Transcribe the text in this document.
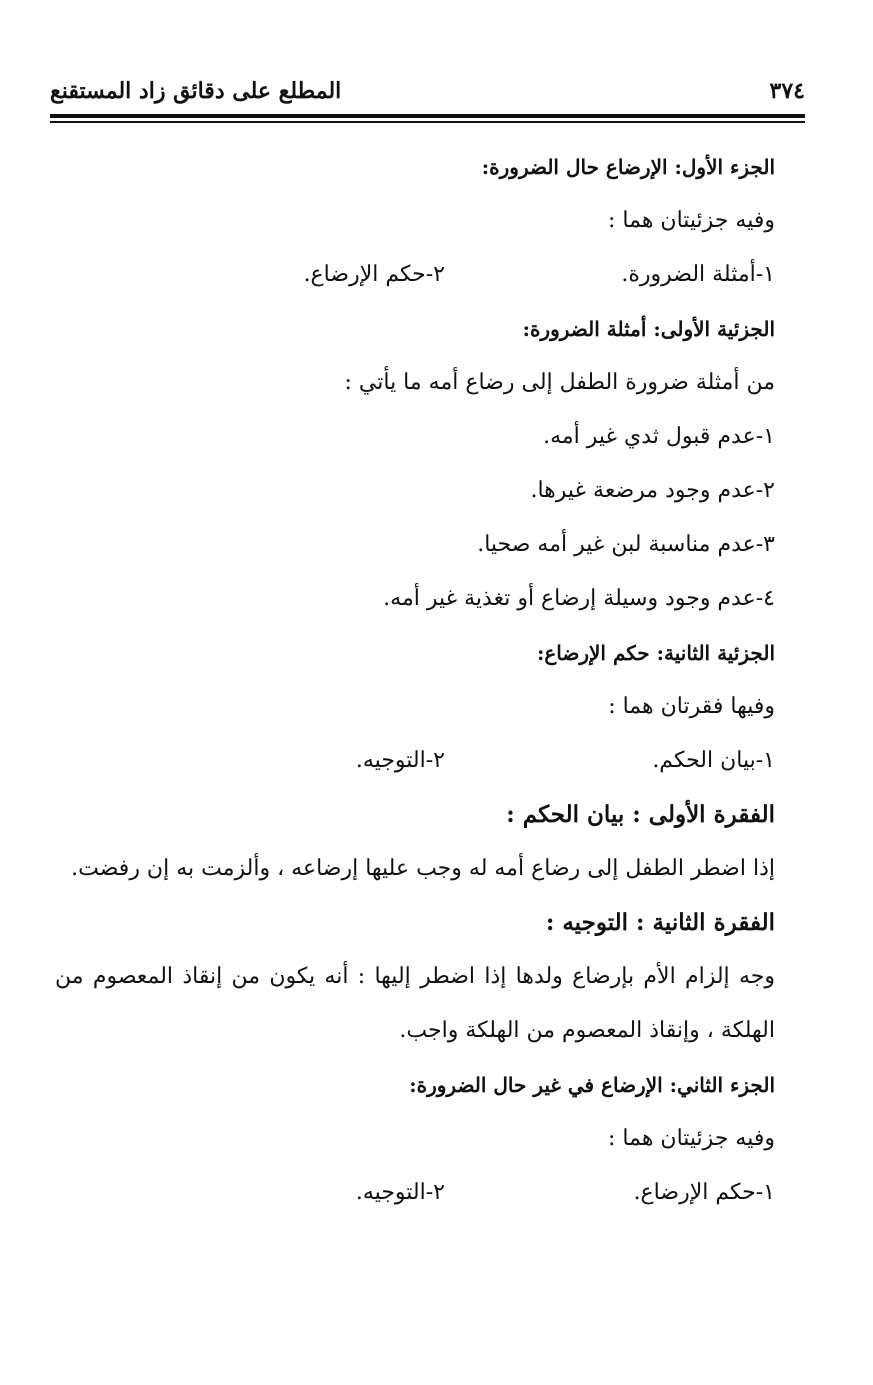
٣٧٤
المطلع على دقائق زاد المستقنع
الجزء الأول: الإرضاع حال الضرورة:
وفيه جزئيتان هما :
١-أمثلة الضرورة.
٢-حكم الإرضاع.
الجزئية الأولى: أمثلة الضرورة:
من أمثلة ضرورة الطفل إلى رضاع أمه ما يأتي :
١-عدم قبول ثدي غير أمه.
٢-عدم وجود مرضعة غيرها.
٣-عدم مناسبة لبن غير أمه صحيا.
٤-عدم وجود وسيلة إرضاع أو تغذية غير أمه.
الجزئية الثانية: حكم الإرضاع:
وفيها فقرتان هما :
١-بيان الحكم.
٢-التوجيه.
الفقرة الأولى : بيان الحكم :
إذا اضطر الطفل إلى رضاع أمه له وجب عليها إرضاعه ، وألزمت به إن رفضت.
الفقرة الثانية : التوجيه :
وجه إلزام الأم بإرضاع ولدها إذا اضطر إليها : أنه يكون من إنقاذ المعصوم من الهلكة ، وإنقاذ المعصوم من الهلكة واجب.
الجزء الثاني: الإرضاع في غير حال الضرورة:
وفيه جزئيتان هما :
١-حكم الإرضاع.
٢-التوجيه.
